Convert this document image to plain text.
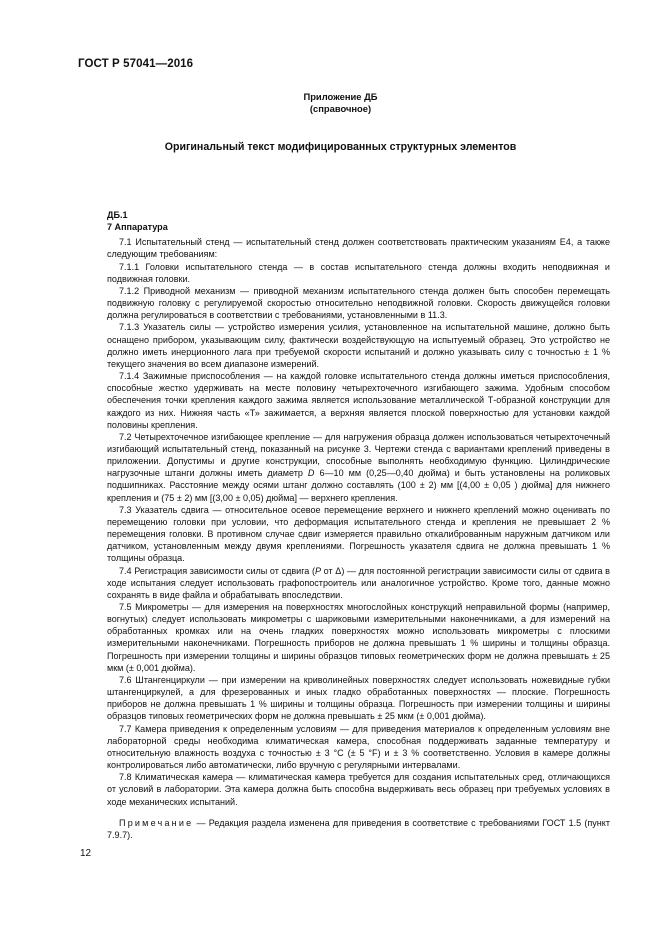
ГОСТ Р 57041—2016
Приложение ДБ
(справочное)
Оригинальный текст модифицированных структурных элементов

ДБ.1

7 Аппаратура

7.1 Испытательный стенд — испытательный стенд должен соответствовать практическим указаниям Е4, а также следующим требованиям:

7.1.1 Головки испытательного стенда — в состав испытательного стенда должны входить неподвижная и подвижная головки.

7.1.2 Приводной механизм — приводной механизм испытательного стенда должен быть способен перемещать подвижную головку с регулируемой скоростью относительно неподвижной головки. Скорость движущейся головки должна регулироваться в соответствии с требованиями, установленными в 11.3.

7.1.3 Указатель силы — устройство измерения усилия, установленное на испытательной машине, должно быть оснащено прибором, указывающим силу, фактически воздействующую на испытуемый образец. Это устройство не должно иметь инерционного лага при требуемой скорости испытаний и должно указывать силу с точностью ± 1 % текущего значения во всем диапазоне измерений.

7.1.4 Зажимные приспособления — на каждой головке испытательного стенда должны иметься приспособления, способные жестко удерживать на месте половину четырехточечного изгибающего зажима. Удобным способом обеспечения точки крепления каждого зажима является использование металлической Т-образной конструкции для каждого из них. Нижняя часть «Т» зажимается, а верхняя является плоской поверхностью для установки каждой половины крепления.

7.2 Четырехточечное изгибающее крепление — для нагружения образца должен использоваться четырехточечный изгибающий испытательный стенд, показанный на рисунке 3. Чертежи стенда с вариантами креплений приведены в приложении. Допустимы и другие конструкции, способные выполнять необходимую функцию. Цилиндрические нагрузочные штанги должны иметь диаметр D 6—10 мм (0,25—0,40 дюйма) и быть установлены на роликовых подшипниках. Расстояние между осями штанг должно составлять (100 ± 2) мм [(4,00 ± 0,05 ) дюйма] для нижнего крепления и (75 ± 2) мм [(3,00 ± 0,05) дюйма] — верхнего крепления.

7.3 Указатель сдвига — относительное осевое перемещение верхнего и нижнего креплений можно оценивать по перемещению головки при условии, что деформация испытательного стенда и крепления не превышает 2 % перемещения головки. В противном случае сдвиг измеряется правильно откалиброванным наружным датчиком или датчиком, установленным между двумя креплениями. Погрешность указателя сдвига не должна превышать 1 % толщины образца.

7.4 Регистрация зависимости силы от сдвига (P от Δ) — для постоянной регистрации зависимости силы от сдвига в ходе испытания следует использовать графопостроитель или аналогичное устройство. Кроме того, данные можно сохранять в виде файла и обрабатывать впоследствии.

7.5 Микрометры — для измерения на поверхностях многослойных конструкций неправильной формы (например, вогнутых) следует использовать микрометры с шариковыми измерительными наконечниками, а для измерений на обработанных кромках или на очень гладких поверхностях можно использовать микрометры с плоскими измерительными наконечниками. Погрешность приборов не должна превышать 1 % ширины и толщины образца. Погрешность при измерении толщины и ширины образцов типовых геометрических форм не должна превышать ± 25 мкм (± 0,001 дюйма).

7.6 Штангенциркули — при измерении на криволинейных поверхностях следует использовать ножевидные губки штангенциркулей, а для фрезерованных и иных гладко обработанных поверхностях — плоские. Погрешность приборов не должна превышать 1 % ширины и толщины образца. Погрешность при измерении толщины и ширины образцов типовых геометрических форм не должна превышать ± 25 мкм (± 0,001 дюйма).

7.7 Камера приведения к определенным условиям — для приведения материалов к определенным условиям вне лабораторной среды необходима климатическая камера, способная поддерживать заданные температуру и относительную влажность воздуха с точностью ± 3 °С (± 5 °F) и ± 3 % соответственно. Условия в камере должны контролироваться либо автоматически, либо вручную с регулярными интервалами.

7.8 Климатическая камера — климатическая камера требуется для создания испытательных сред, отличающихся от условий в лаборатории. Эта камера должна быть способна выдерживать весь образец при требуемых условиях в ходе механических испытаний.

Примечание — Редакция раздела изменена для приведения в соответствие с требованиями ГОСТ 1.5 (пункт 7.9.7).
12
